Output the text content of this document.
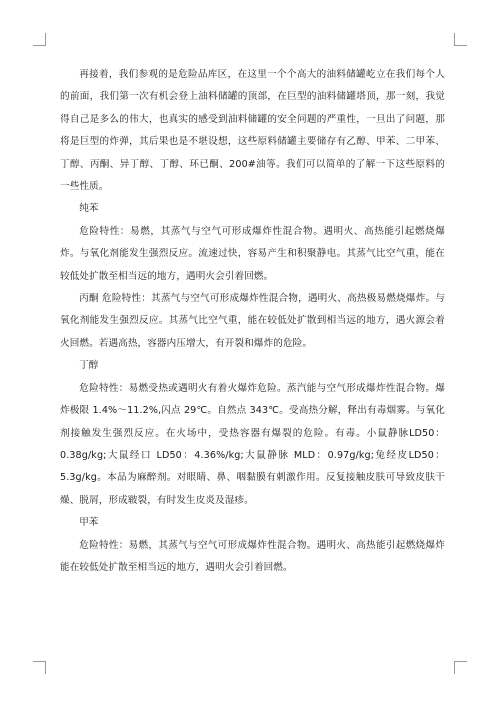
再接着，我们参观的是危险品库区，在这里一个个高大的油料储罐屹立在我们每个人的前面，我们第一次有机会登上油料储罐的顶部，在巨型的油料储罐塔顶，那一刻，我觉得自己是多么的伟大，也真实的感受到油料储罐的安全问题的严重性，一旦出了问题，那将是巨型的炸弹，其后果也是不堪设想，这些原料储罐主要储存有乙醇、甲苯、二甲苯、丁醇、丙酮、异丁醇、丁醇、环已酮、200#油等。我们可以简单的了解一下这些原料的一些性质。

纯苯

危险特性：易燃，其蒸气与空气可形成爆炸性混合物。遇明火、高热能引起燃烧爆炸。与氧化剂能发生强烈反应。流速过快，容易产生和积聚静电。其蒸气比空气重，能在较低处扩散至相当远的地方，遇明火会引着回燃。

丙酮 危险特性：其蒸气与空气可形成爆炸性混合物，遇明火、高热极易燃烧爆炸。与氧化剂能发生强烈反应。其蒸气比空气重，能在较低处扩散到相当远的地方，遇火源会着火回燃。若遇高热，容器内压增大，有开裂和爆炸的危险。

丁醇

危险特性：易燃受热或遇明火有着火爆炸危险。蒸汽能与空气形成爆炸性混合物。爆炸极限 1.4%～11.2%,闪点 29℃。自然点 343℃。受高热分解，释出有毒烟雾。与氧化剂接触发生强烈反应。在火场中，受热容器有爆裂的危险。有毒。小鼠静脉LD50：0.38g/kg;大鼠经口 LD50：4.36%/kg;大鼠静脉 MLD：0.97g/kg;兔经皮LD50：5.3g/kg。本品为麻醉剂。对眼睛、鼻、咽黏膜有刺激作用。反复接触皮肤可导致皮肤干燥、脱屑，形成皲裂，有时发生皮炎及湿疹。

甲苯

危险特性：易燃，其蒸气与空气可形成爆炸性混合物。遇明火、高热能引起燃烧爆炸能在较低处扩散至相当远的地方，遇明火会引着回燃。
